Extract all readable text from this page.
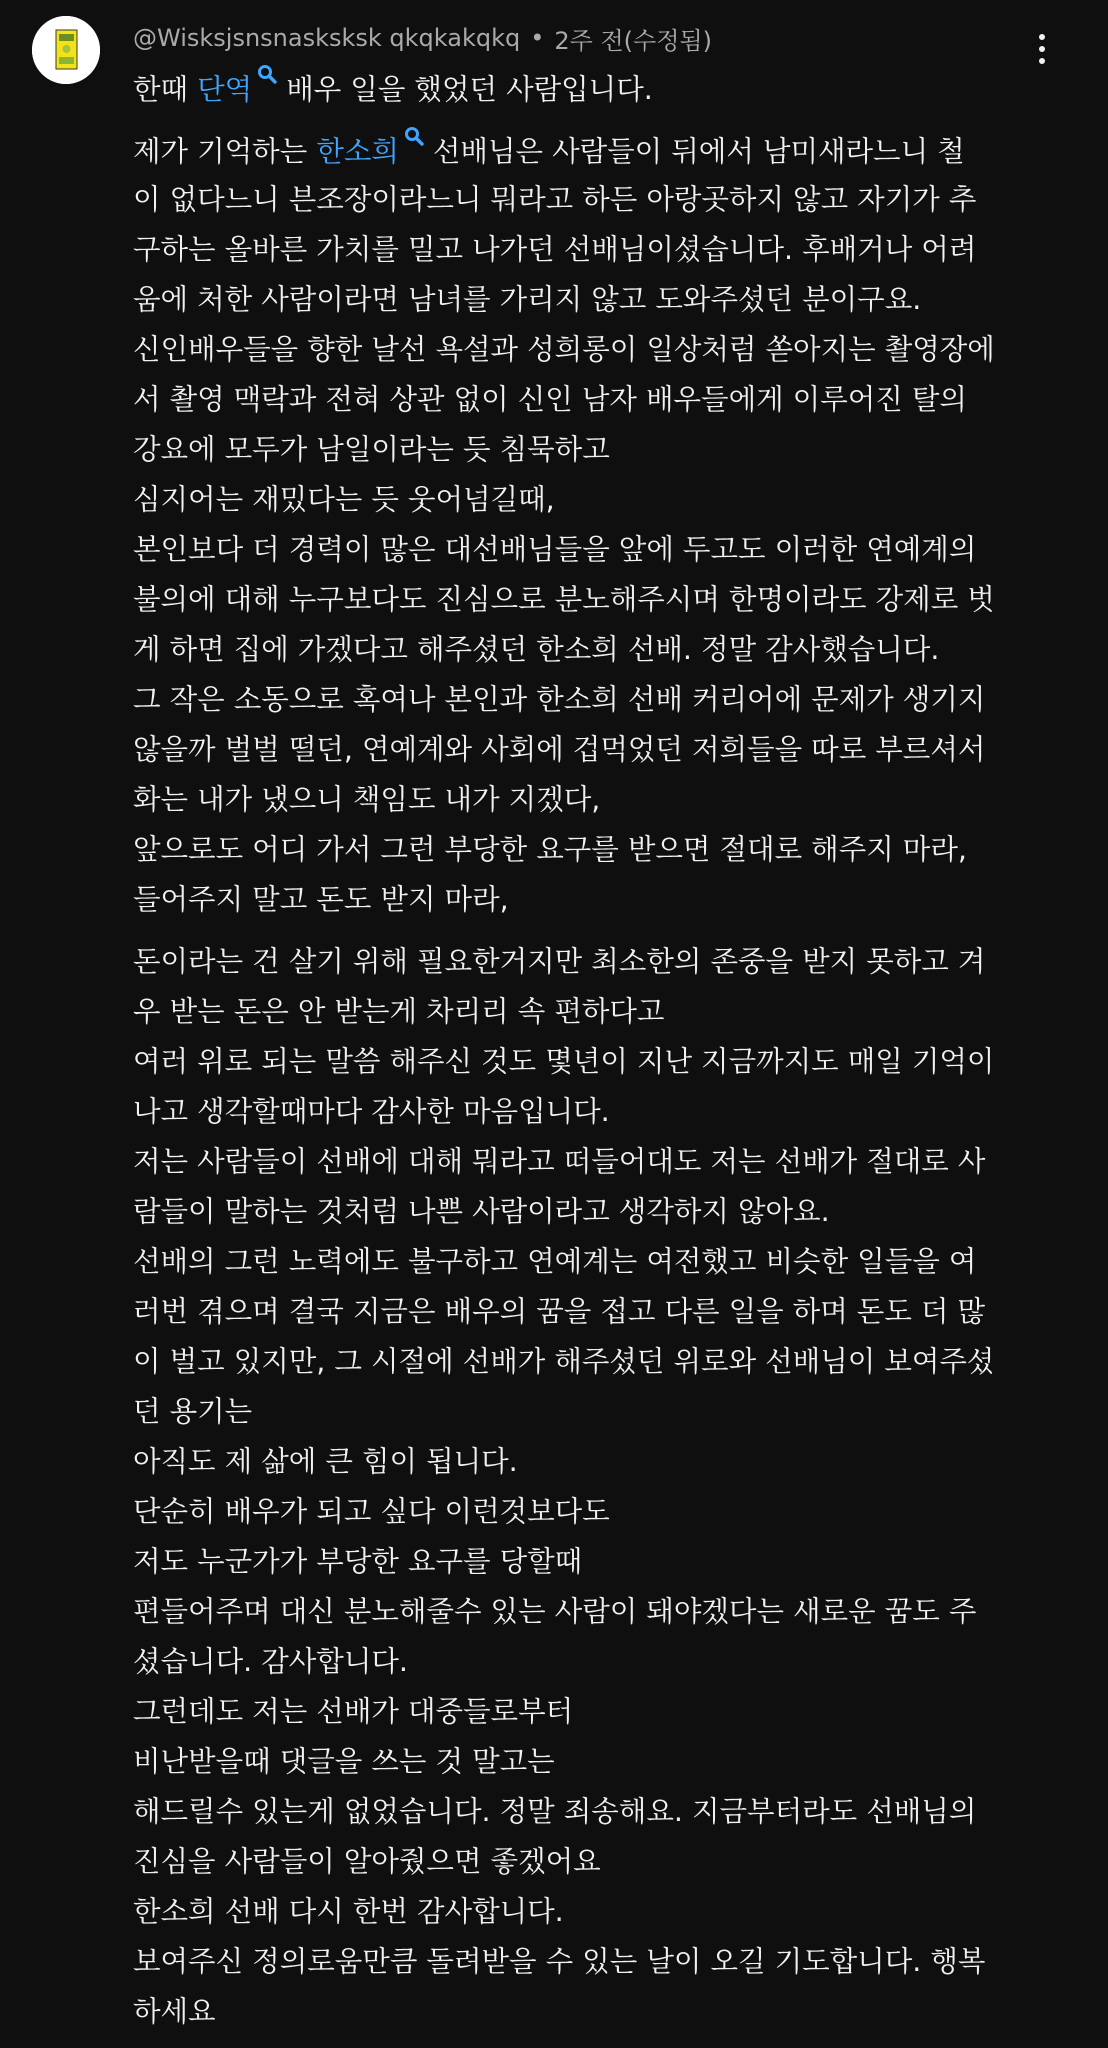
@Wisksjsnsnasksksk qkqkakqkq • 2주 전(수정됨)
한때 단역 배우 일을 했었던 사람입니다.
제가 기억하는 한소희 선배님은 사람들이 뒤에서 남미새라느니 철
이 없다느니 븐조장이라느니 뭐라고 하든 아랑곳하지 않고 자기가 추
구하는 올바른 가치를 밀고 나가던 선배님이셨습니다. 후배거나 어려
움에 처한 사람이라면 남녀를 가리지 않고 도와주셨던 분이구요.
신인배우들을 향한 날선 욕설과 성희롱이 일상처럼 쏟아지는 촬영장에
서 촬영 맥락과 전혀 상관 없이 신인 남자 배우들에게 이루어진 탈의
강요에 모두가 남일이라는 듯 침묵하고
심지어는 재밌다는 듯 웃어넘길때,
본인보다 더 경력이 많은 대선배님들을 앞에 두고도 이러한 연예계의
불의에 대해 누구보다도 진심으로 분노해주시며 한명이라도 강제로 벗
게 하면 집에 가겠다고 해주셨던 한소희 선배. 정말 감사했습니다.
그 작은 소동으로 혹여나 본인과 한소희 선배 커리어에 문제가 생기지
않을까 벌벌 떨던, 연예계와 사회에 겁먹었던 저희들을 따로 부르셔서
화는 내가 냈으니 책임도 내가 지겠다,
앞으로도 어디 가서 그런 부당한 요구를 받으면 절대로 해주지 마라,
들어주지 말고 돈도 받지 마라,
돈이라는 건 살기 위해 필요한거지만 최소한의 존중을 받지 못하고 겨
우 받는 돈은 안 받는게 차리리 속 편하다고
여러 위로 되는 말씀 해주신 것도 몇년이 지난 지금까지도 매일 기억이
나고 생각할때마다 감사한 마음입니다.
저는 사람들이 선배에 대해 뭐라고 떠들어대도 저는 선배가 절대로 사
람들이 말하는 것처럼 나쁜 사람이라고 생각하지 않아요.
선배의 그런 노력에도 불구하고 연예계는 여전했고 비슷한 일들을 여
러번 겪으며 결국 지금은 배우의 꿈을 접고 다른 일을 하며 돈도 더 많
이 벌고 있지만, 그 시절에 선배가 해주셨던 위로와 선배님이 보여주셨
던 용기는
아직도 제 삶에 큰 힘이 됩니다.
단순히 배우가 되고 싶다 이런것보다도
저도 누군가가 부당한 요구를 당할때
편들어주며 대신 분노해줄수 있는 사람이 돼야겠다는 새로운 꿈도 주
셨습니다. 감사합니다.
그런데도 저는 선배가 대중들로부터
비난받을때 댓글을 쓰는 것 말고는
해드릴수 있는게 없었습니다. 정말 죄송해요. 지금부터라도 선배님의
진심을 사람들이 알아줬으면 좋겠어요
한소희 선배 다시 한번 감사합니다.
보여주신 정의로움만큼 돌려받을 수 있는 날이 오길 기도합니다. 행복
하세요
